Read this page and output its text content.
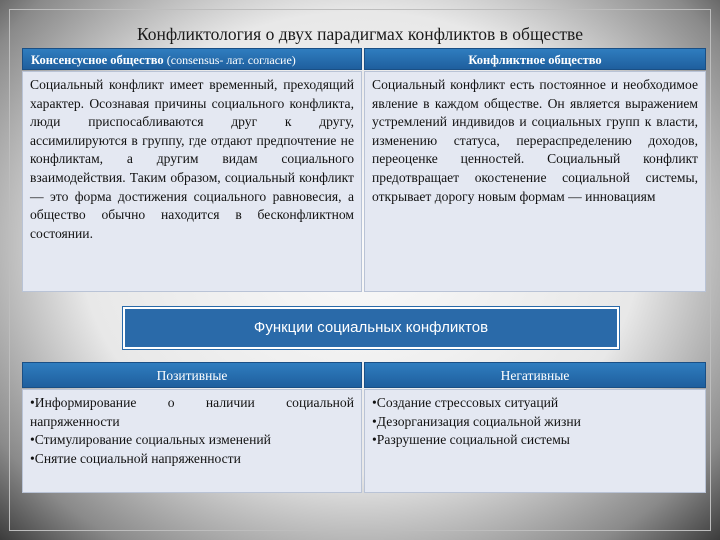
Конфликтология о двух парадигмах конфликтов в обществе
Консенсусное общество (consensus- лат. согласие)	Конфликтное общество
Социальный конфликт имеет временный, преходящий характер. Осознавая причины социального конфликта, люди приспосабливаются друг к другу, ассимилируются в группу, где отдают предпочтение не конфликтам, а другим видам социального взаимодействия. Таким образом, социальный конфликт — это форма достижения социального равновесия, а общество обычно находится в бесконфликтном состоянии.
Социальный конфликт есть постоянное и необходимое явление в каждом обществе. Он является выражением устремлений индивидов и социальных групп к власти, изменению статуса, перераспределению доходов, переоценке ценностей. Социальный конфликт предотвращает окостенение социальной системы, открывает дорогу новым формам — инновациям
Функции социальных конфликтов
Позитивные	Негативные
•Информирование о наличии социальной напряженности
•Стимулирование социальных изменений
•Снятие социальной напряженности
•Создание стрессовых ситуаций
•Дезорганизация социальной жизни
•Разрушение социальной системы
